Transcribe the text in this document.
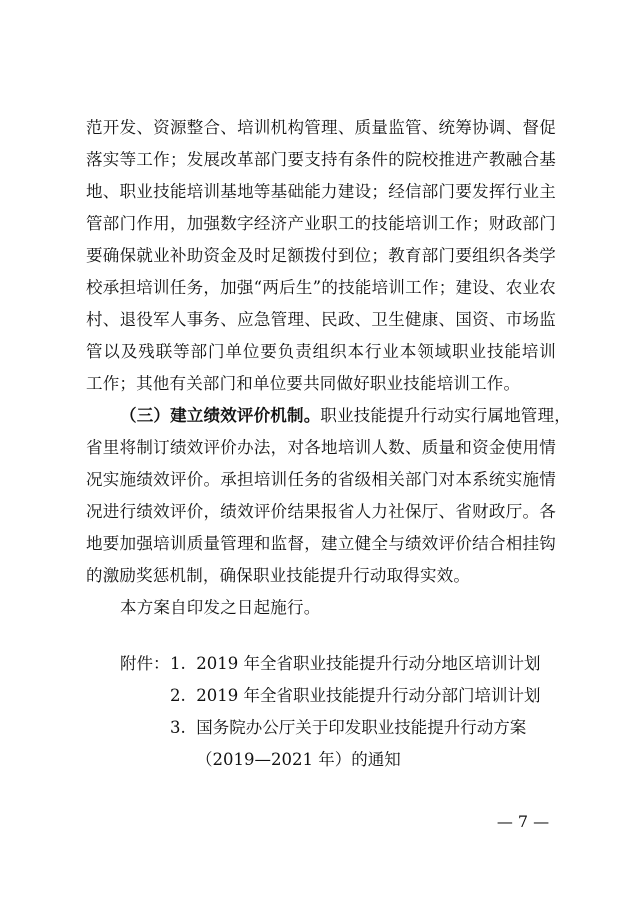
范开发、资源整合、培训机构管理、质量监管、统筹协调、督促
落实等工作；发展改革部门要支持有条件的院校推进产教融合基
地、职业技能培训基地等基础能力建设；经信部门要发挥行业主
管部门作用，加强数字经济产业职工的技能培训工作；财政部门
要确保就业补助资金及时足额拨付到位；教育部门要组织各类学
校承担培训任务，加强“两后生”的技能培训工作；建设、农业农
村、退役军人事务、应急管理、民政、卫生健康、国资、市场监
管以及残联等部门单位要负责组织本行业本领域职业技能培训
工作；其他有关部门和单位要共同做好职业技能培训工作。
（三）建立绩效评价机制。职业技能提升行动实行属地管理，
省里将制订绩效评价办法，对各地培训人数、质量和资金使用情
况实施绩效评价。承担培训任务的省级相关部门对本系统实施情
况进行绩效评价，绩效评价结果报省人力社保厅、省财政厅。各
地要加强培训质量管理和监督，建立健全与绩效评价结合相挂钩
的激励奖惩机制，确保职业技能提升行动取得实效。
本方案自印发之日起施行。
附件： 1. 2019 年全省职业技能提升行动分地区培训计划
2. 2019 年全省职业技能提升行动分部门培训计划
3. 国务院办公厅关于印发职业技能提升行动方案
（2019—2021 年）的通知
— 7 —
